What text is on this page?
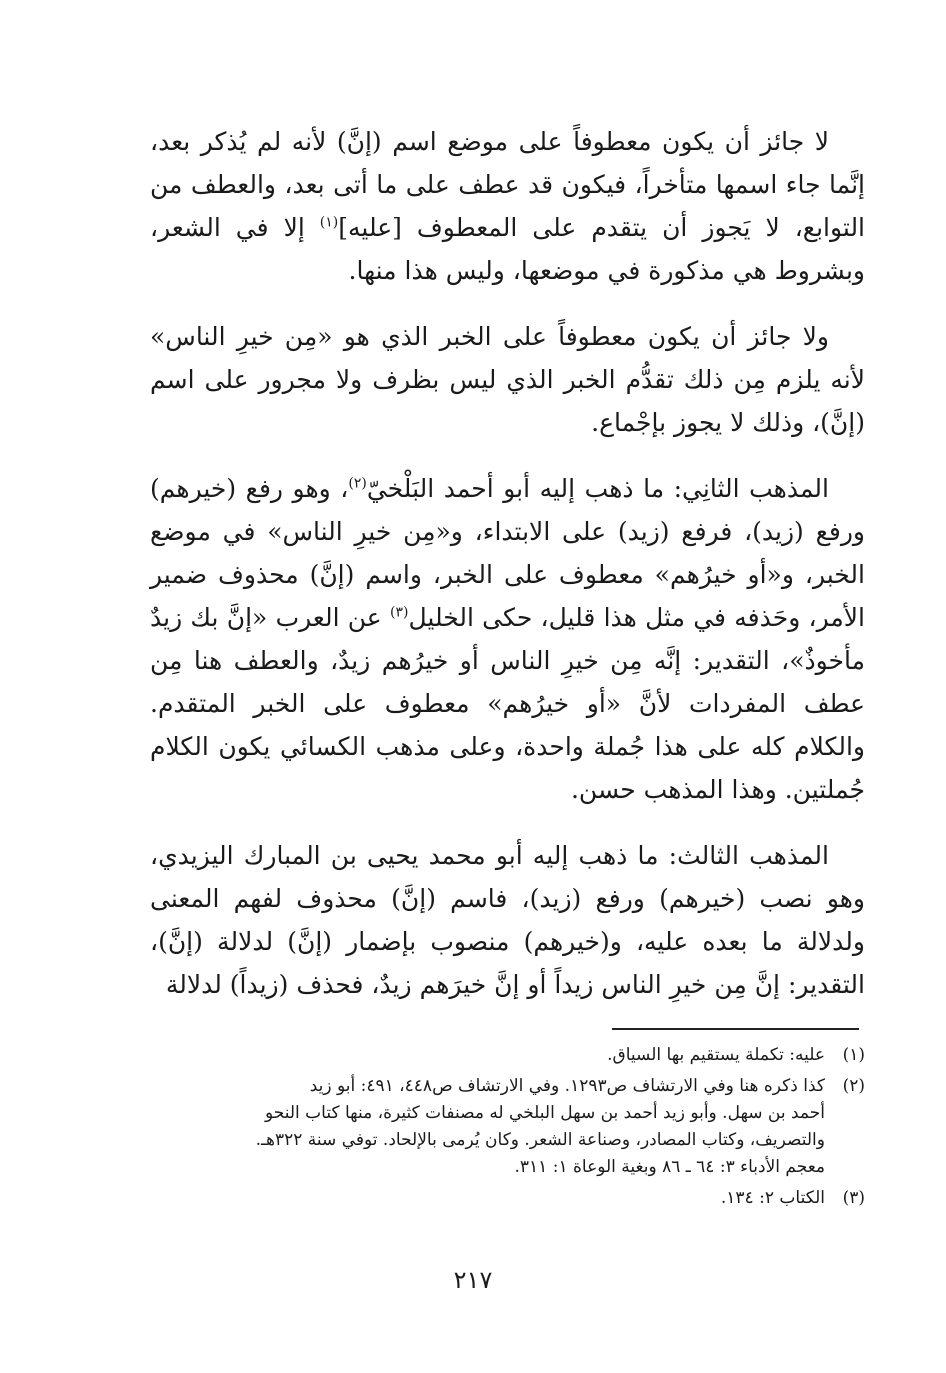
لا جائز أن يكون معطوفاً على موضع اسم (إنَّ) لأنه لم يُذكر بعد، إنَّما جاء اسمها متأخراً، فيكون قد عطف على ما أتى بعد، والعطف من التوابع، لا يَجوز أن يتقدم على المعطوف [عليه]$^{(١)}$ إلا في الشعر، وبشروط هي مذكورة في موضعها، وليس هذا منها.

ولا جائز أن يكون معطوفاً على الخبر الذي هو «مِن خيرِ الناس» لأنه يلزم مِن ذلك تقدُّم الخبر الذي ليس بظرف ولا مجرور على اسم (إنَّ)، وذلك لا يجوز بإجْماع.

المذهب الثانِي: ما ذهب إليه أبو أحمد البَلْخيّ$^{(٢)}$، وهو رفع (خيرهم) ورفع (زيد)، فرفع (زيد) على الابتداء، و«مِن خيرِ الناس» في موضع الخبر، و«أو خيرُهم» معطوف على الخبر، واسم (إنَّ) محذوف ضمير الأمر، وحَذفه في مثل هذا قليل، حكى الخليل$^{(٣)}$ عن العرب «إنَّ بك زيدٌ مأخوذٌ»، التقدير: إنَّه مِن خيرِ الناس أو خيرُهم زيدٌ، والعطف هنا مِن عطف المفردات لأنَّ «أو خيرُهم» معطوف على الخبر المتقدم. والكلام كله على هذا جُملة واحدة، وعلى مذهب الكسائي يكون الكلام جُملتين. وهذا المذهب حسن.

المذهب الثالث: ما ذهب إليه أبو محمد يحيى بن المبارك اليزيدي، وهو نصب (خيرهم) ورفع (زيد)، فاسم (إنَّ) محذوف لفهم المعنى ولدلالة ما بعده عليه، و(خيرهم) منصوب بإضمار (إنَّ) لدلالة (إنَّ)، التقدير: إنَّ مِن خيرِ الناس زيداً أو إنَّ خيرَهم زيدٌ، فحذف (زيداً) لدلالة

(١)
عليه: تكملة يستقيم بها السياق.
(٢)
كذا ذكره هنا وفي الارتشاف ص١٢٩٣. وفي الارتشاف ص٤٤٨، ٤٩١: أبو زيد
أحمد بن سهل. وأبو زيد أحمد بن سهل البلخي له مصنفات كثيرة، منها كتاب النحو
والتصريف، وكتاب المصادر، وصناعة الشعر. وكان يُرمى بالإلحاد. توفي سنة ٣٢٢هـ.
معجم الأدباء ٣: ٦٤ ـ ٨٦ وبغية الوعاة ١: ٣١١.
(٣)
الكتاب ٢: ١٣٤.
٢١٧
